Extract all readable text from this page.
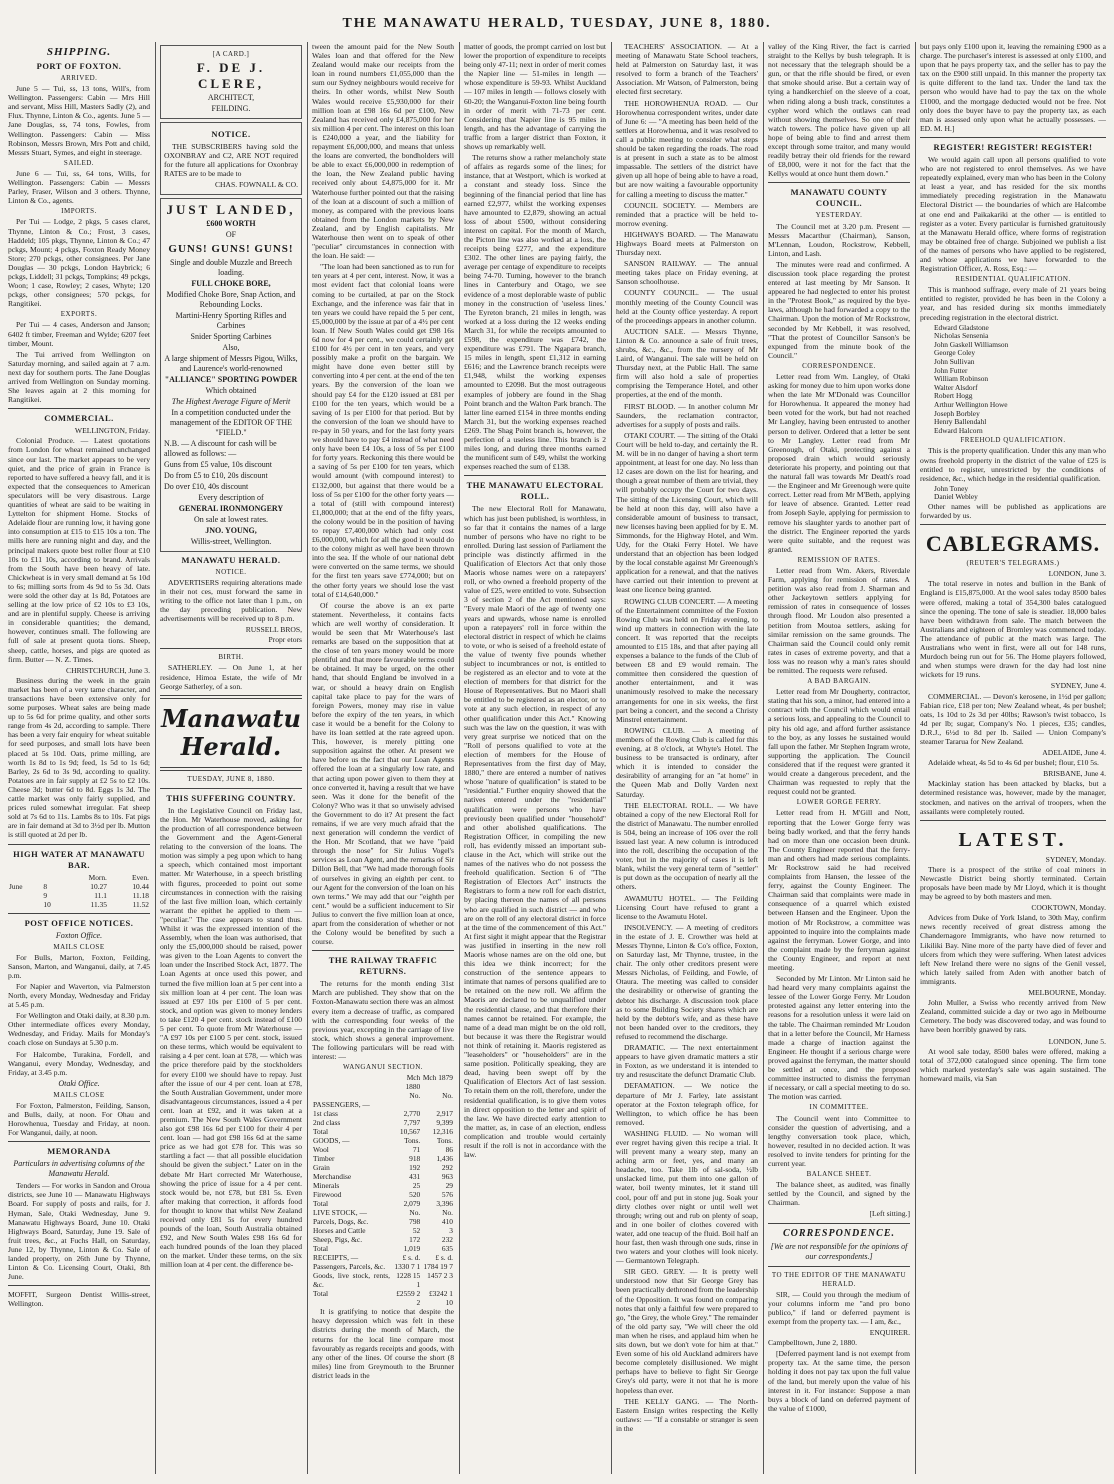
THE MANAWATU HERALD, TUESDAY, JUNE 8, 1880.
SHIPPING.
PORT OF FOXTON.
ARRIVED.

June 5 — Tui, ss, 13 tons, Will's, from Wellington. Passengers: Cabin — Mrs Hill and servant, Miss Hill, Masters Sadly (2), and Flux. Thynne, Linton & Co., agents. June 5 — Jane Douglas, ss, 74 tons, Fowles, from Wellington. Passengers: Cabin — Miss Robinson, Messrs Brown, Mrs Pott and child, Messrs Stuart, Symes, and eight in steerage.

SAILED.

June 6 — Tui, ss, 64 tons, Wills, for Wellington. Passengers: Cabin — Messrs Parley, Fraser, Wilson and 3 others. Thynne, Linton & Co., agents.

IMPORTS.

Per Tui — Lodge, 2 pkgs, 5 cases claret, Thynne, Linton & Co.; Frost, 3 cases, Haddeld; 105 pkgs, Thynne, Linton & Co.; 47 pckgs, Mount; 4 pckgs, Foxton Ready Money Store; 270 pckgs, other consignees. Per Jane Douglas — 30 pckgs, London Haybrick; 6 pckgs, Liddell; 31 pckgs, Tompkins; 49 pckgs, Woon; 1 case, Rowley; 2 cases, Whyte; 120 pckgs, other consignees; 570 pckgs, for Rangitikei.

EXPORTS.

Per Tui — 4 cases, Anderson and Janson; 6402 ft timber, Freeman and Wylde; 6207 feet timber, Mount.

The Tui arrived from Wellington on Saturday morning, and sailed again at 7 a.m. next day for southern ports. The Jane Douglas arrived from Wellington on Sunday morning. She leaves again at 2 this morning for Rangitikei.

COMMERCIAL.
WELLINGTON, Friday.

Colonial Produce. — Latest quotations from London for wheat remained unchanged since our last. The market appears to be very quiet, and the price of grain in France is reported to have suffered a heavy fall, and it is expected that the consequences to American speculators will be very disastrous. Large quantities of wheat are said to be waiting in Lyttelton for shipment Home. Stocks of Adelaide flour are running low, it having gone into consumption at £15 to £15 10s a ton. The mills here are running night and day, and the principal makers quote best roller flour at £10 10s to £11 10s, according to brand. Arrivals from the South have been heavy of late. Chickwheat is in very small demand at 5s 10d to 6s; milling sorts from 4s 9d to 5s 3d. Oats were sold the other day at 1s 8d, Potatoes are selling at the low price of £2 10s to £3 10s, and are in plentiful supply. Cheese is arriving in considerable quantities; the demand, however, continues small. The following are full of sale at present quota tions. Sheep, sheep, cattle, horses, and pigs are quoted as firm. Butter — N. Z. Times.

CHRISTCHURCH, June 3.

Business during the week in the grain market has been of a very tame character, and transactions have been extensive only for some purposes. Wheat sales are being made up to 5s 6d for prime quality, and other sorts range from 4s 2d, according to sample. There has been a very fair enquiry for wheat suitable for seed purposes, and small lots have been placed at 5s 10d. Oats, prime milling, are worth 1s 8d to 1s 9d; feed, 1s 5d to 1s 6d; Barley, 2s 6d to 3s 9d, according to quality. Potatoes are in fair supply at £2 5s to £2 10s. Cheese 3d; butter 6d to 8d. Eggs 1s 3d. The cattle market was only fairly supplied, and prices ruled somewhat irregular. Fat sheep sold at 7s 6d to 11s. Lambs 8s to 10s. Fat pigs are in fair demand at 3d to 3½d per lb. Mutton is still quoted at 2d per lb.

HIGH WATER AT MANAWATU BAR.
		Morn.	Even.
June	8	10.27	10.44
	9	11.1	11.18
	10	11.35	11.52
POST OFFICE NOTICES.
Foxton Office.
MAILS CLOSE

For Bulls, Marton, Foxton, Feilding, Sanson, Marton, and Wanganui, daily, at 7.45 p.m.

For Napier and Waverton, via Palmerston North, every Monday, Wednesday and Friday at 5.45 p.m.

For Wellington and Otaki daily, at 8.30 p.m. Other intermediate offices every Monday, Wednesday, and Friday. Mails for Monday's coach close on Sundays at 5.30 p.m.

For Halcombe, Turakina, Fordell, and Wanganui, every Monday, Wednesday, and Friday, at 3.45 p.m.

Otaki Office.
MAILS CLOSE

For Foxton, Palmerston, Feilding, Sanson, and Bulls, daily, at noon. For Ohau and Horowhenua, Tuesday and Friday, at noon. For Wanganui, daily, at noon.

MEMORANDA
Particulars in advertising columns of the Manawatu Herald.

Tenders — For works in Sandon and Oroua districts, see June 10 — Manawatu Highways Board. For supply of posts and rails, for J. Hyman, Sale, Otaki Wednesday, June 9. Manawatu Highways Board, June 10. Otaki Highways Board, Saturday, June 19. Sale of fruit trees, &c., at Fuchs Hall, on Saturday, June 12, by Thynne, Linton & Co. Sale of landed property, on 26th June by Thynne, Linton & Co. Licensing Court, Otaki, 8th June.

MOFFIT, Surgeon Dentist Willis-street, Wellington.

[A CARD.]
F. DE J. CLERE,
ARCHITECT,
FEILDING.
NOTICE.

THE SUBSCRIBERS having sold the OXONBRAY and C2, ARE NOT required for the future all applications for Oxonbray RATES are to be made to

CHAS. FOWNALL & CO.
JUST LANDED,
£600 WORTH
OF
GUNS! GUNS! GUNS!
Single and double Muzzle and Breech loading.
FULL CHOKE BORE,
Modified Choke Bore, Snap Action, and Rebounding Locks.
Martini-Henry Sporting Rifles and Carbines
Snider Sporting Carbines
Also,
A large shipment of Messrs Pigou, Wilks, and Laurence's world-renowned
"ALLIANCE" SPORTING POWDER
Which obtained
The Highest Average Figure of Merit
In a competition conducted under the management of the EDITOR OF THE "FIELD."
N.B. — A discount for cash will be allowed as follows: —
Guns from £5 value, 10s discount
Do from £5 to £10, 20s discount
Do over £10, 40s discount
Every description of
GENERAL IRONMONGERY
On sale at lowest rates.
JNO. YOUNG,
Willis-street, Wellington.
MANAWATU HERALD.
NOTICE.

ADVERTISERS requiring alterations made in their not ces, must forward the same in writing to the office not later than 1 p.m., on the day preceding publication. New advertisements will be received up to 8 p.m.

RUSSELL BROS,
Propr etors
BIRTH.

SATHERLEY. — On June 1, at her residence, Himoa Estate, the wife of Mr George Satherley, of a son.

Manawatu Herald.
TUESDAY, JUNE 8, 1880.
THIS SUFFERING COUNTRY.

In the Legislative Council on Friday last, the Hon. Mr Waterhouse moved, asking for the production of all correspondence between the Government and the Agent-General relating to the conversion of the loans. The motion was simply a peg upon which to hang a speech, which contained most important matter. Mr Waterhouse, in a speech bristling with figures, proceeded to point out some circumstances in connection with the raising of the last five million loan, which certainly warrant the epithet he applied to them — "peculiar." The case appears to stand thus. Whilst it was the expressed intention of the Assembly, when the loan was authorised, that only the £5,000,000 should be raised, power was given to the Loan Agents to convert the loan under the Inscribed Stock Act, 1877. The Loan Agents at once used this power, and turned the five million loan at 5 per cent into a six million loan at 4 per cent. The loan was issued at £97 10s per £100 of 5 per cent. stock, and option was given to money lenders to take £120 4 per cent. stock instead of £100 5 per cent. To quote from Mr Waterhouse — "A £97 10s per £100 5 per cent. stock, issued on these terms, which would be equivalent to raising a 4 per cent. loan at £78, — which was the price therefore paid by the stockholders for every £100 we should have to repay. Just after the issue of our 4 per cent. loan at £78, the South Australian Government, under more disadvantageous circumstances, issued a 4 per cent. loan at £92, and it was taken at a premium. The New South Wales Government also got £98 16s 6d per £100 for their 4 per cent. loan — had got £98 16s 6d at the same price as we had got £78 for. This was so startling a fact — that all possible elucidation should be given the subject." Later on in the debate Mr Hart corrected Mr Waterhouse, showing the price of issue for a 4 per cent. stock would be, not £78, but £81 5s. Even after making that correction, it affords food for thought to know that whilst New Zealand received only £81 5s for every hundred pounds of the loan, South Australia obtained £92, and New South Wales £98 16s 6d for each hundred pounds of the loan they placed on the market. Under these terms, on the six million loan at 4 per cent. the difference be-

tween the amount paid for the New South Wales loan and that offered for the New Zealand would make our receipts from the loan in round numbers £1,055,000 than the sum our Sydney neighbours would receive for theirs. In other words, whilst New South Wales would receive £5,930,000 for their million loan at £98 16s 6d per £100, New Zealand has received only £4,875,000 for her six million 4 per cent. The interest on this loan is £240,000 a year, and the liability for repayment £6,000,000, and means that unless the loans are converted, the bondholders will be able to exact £6,000,000 in redemption of the loan, the New Zealand public having received only about £4,875,000 for it. Mr Waterhouse further pointed out that the raising of the loan at a discount of such a million of money, as compared with the previous loans obtained from the London markets by New Zealand, and by English capitalists. Mr Waterhouse then went on to speak of other "peculiar" circumstances in connection with the loan. He said: —

"The loan had been sanctioned as to run for ten years at 4 per cent, interest. Now, it was a most evident fact that colonial loans were coming to be curtailed, at par on the Stock Exchange, and the inference was fair that in ten years we could have repaid the 5 per cent, £5,000,000 by the issue at par of a 4½ per cent loan. If New South Wales could get £98 16s 6d now for 4 per cent., we could certainly get £100 for 4½ per cent in ten years, and very possibly make a profit on the bargain. We might have done even better still by converting into 4 per cent. at the end of the ten years. By the conversion of the loan we should pay £4 for the £120 issued at £81 per £100 for the ten years, which would be a saving of 1s per £100 for that period. But by the conversion of the loan we should have to re-pay in 50 years, and for the last forty years we should have to pay £4 instead of what need only have been £4 10s, a loss of 5s per £100 for forty years. Reckoning this there would be a saving of 5s per £100 for ten years, which would amount (with compound interest) to £132,000, but against that there would be a loss of 5s per £100 for the other forty years — a total of (still with compound interest) £1,800,000; that at the end of the fifty years, the colony would be in the position of having to repay £7,400,000 which had only cost £6,000,000, which for all the good it would do to the colony might as well have been thrown into the sea. If the whole of our national debt were converted on the same terms, we should for the first ten years save £774,000; but on the other forty years we should lose the vast total of £14,640,000."

Of course the above is an ex parte statement. Nevertheless, it contains facts which are well worthy of consideration. It would be seen that Mr Waterhouse's last remarks are based on the supposition that at the close of ten years money would be more plentiful and that more favourable terms could be obtained. It may be urged, on the other hand, that should England be involved in a war, or should a heavy drain on English capital take place to pay for the wars of foreign Powers, money may rise in value before the expiry of the ten years, in which case it would be a benefit for the Colony to have its loan settled at the rate agreed upon. This, however, is merely pitting one supposition against the other. At present we have before us the fact that our Loan Agents offered the loan at a singularly low rate, and that acting upon power given to them they at once converted it, having a result that we have seen. Was it done for the benefit of the Colony? Who was it that so unwisely advised the Government to do it? At present the fact remains, if we are very much afraid that the next generation will condemn the verdict of the Hon. Mr Scotland, that we have "paid through the nose" for Sir Julius Vogel's services as Loan Agent, and the remarks of Sir Dillon Bell, that "We had made thorough fools of ourselves in giving an eighth per cent. to our Agent for the conversion of the loan on his own terms." We may add that our "eighth per cent." would be a sufficient inducement to Sir Julius to convert the five million loan at once, apart from the consideration of whether or not the Colony would be benefited by such a course.

THE RAILWAY TRAFFIC RETURNS.

The returns for the month ending 31st March are published. They show that on the Foxton-Manawatu section there was an almost every item a decrease of traffic, as compared with the corresponding four weeks of the previous year, excepting in the carriage of live stock, which shows a general improvement. The following particulars will be read with interest: —

WANGANUI SECTION.
	Mch 1880	Mch 1879
	No.	No.
PASSENGERS, —		
1st class	2,770	2,917
2nd class	7,797	9,399
Total	10,567	12,316
GOODS, —	Tons.	Tons.
Wool	71	86
Timber	918	1,436
Grain	192	292
Merchandise	431	963
Minerals	25	29
Firewood	520	576
Total	2,079	3,396
LIVE STOCK, —	No.	No.
Parcels, Dogs, &c.	798	410
Horses and Cattle	52	3
Sheep, Pigs, &c.	172	232
Total	1,019	635
RECEIPTS, —	£ s. d.	£ s. d.
Passengers, Parcels, &c.	1330 7 1	1784 19 7
Goods, live stock, rents, &c.	1228 15 1	1457 2 3
Total	£2559 2 2	£3242 1 10

It is gratifying to notice that despite the heavy depression which was felt in these districts during the month of March, the returns for the local line compare most favourably as regards receipts and goods, with any other of the lines. Of course the short (8 miles) line from Greymouth to the Brunner district leads in the

matter of goods, the prompt carried on lost but lower the proportion of expenditure to receipts being only 47-11; next in order of merit comes the Napier line — 51-miles in length — whose expenditure is 59-93. Whilst Auckland — 107 miles in length — follows closely with 60-20; the Wanganui-Foxton line being fourth in order of merit with 71-73 per cent. Considering that Napier line is 95 miles in length, and has the advantage of carrying the traffic from a larger district than Foxton, it shows up remarkably well.

The returns show a rather melancholy state of affairs as regards some of the lines; for instance, that at Westport, which is worked at a constant and steady loss. Since the beginning of the financial period that line has earned £2,977, whilst the working expenses have amounted to £2,879, showing an actual loss of about £500, without considering interest on capital. For the month of March, the Picton line was also worked at a loss, the receipts being £277, and the expenditure £302. The other lines are paying fairly, the average per centage of expenditure to receipts being 74-70. Turning, however to the branch lines in Canterbury and Otago, we see evidence of a most deplorable waste of public money in the construction of 'useless lines.' The Eyreton branch, 21 miles in length, was worked at a loss during the 12 weeks ending March 31, for while the receipts amounted to £598, the expenditure was £742, the expenditure was £791. The Ngapara branch, 15 miles in length, spent £1,312 in earning £616; and the Lawrence branch receipts were £1,948, whilst the working expenses amounted to £2098. But the most outrageous examples of jobbery are found in the Shag Point branch and the Walton Park branch. The latter line earned £154 in three months ending March 31, but the working expenses reached £269. The Shag Point branch is, however, the perfection of a useless line. This branch is 2 miles long, and during three months earned the munificent sum of £49, whilst the working expenses reached the sum of £138.

THE MANAWATU ELECTORAL ROLL.

The new Electoral Roll for Manawatu, which has just been published, is worthless, in so far that it contains the names of a large number of persons who have no right to be enrolled. During last session of Parliament the principle was distinctly affirmed in the Qualification of Electors Act that only those Maoris whose names were on a ratepayers' roll, or who owned a freehold property of the value of £25, were entitled to vote. Subsection 3 of section 2 of the Act mentioned says: "Every male Maori of the age of twenty one years and upwards, whose name is enrolled upon a ratepayers' roll in force within the electoral district in respect of which he claims to vote, or who is seised of a freehold estate of the value of twenty five pounds whether subject to incumbrances or not, is entitled to be registered as an elector and to vote at the election of members for that district for the House of Representatives. But no Maori shall be entitled to be registered as an elector, or to vote at any such election, in respect of any other qualification under this Act." Knowing such was the law on the question, it was with very great surprise we noticed that on the "Roll of persons qualified to vote at the election of members for the House of Representatives from the first day of May, 1880," there are entered a number of natives whose "nature of qualification" is stated to be "residential." Further enquiry showed that the natives entered under the "residential" qualification were persons who have previously been qualified under "household" and other abolished qualifications. The Registration Officer, in compiling the new roll, has evidently missed an important sub-clause in the Act, which will strike out the names of the natives who do not possess the freehold qualification. Section 6 of "The Registration of Electors Act" instructs the Registrars to form a new roll for each district, by placing thereon the names of all persons who are qualified in such district — and who are on the roll of any electoral district in force at the time of the commencement of this Act." At first sight it might appear that the Registrar was justified in inserting in the new roll Maoris whose names are on the old one, but this idea we think incorrect; for the construction of the sentence appears to intimate that names of persons qualified are to be retained on the new roll. We affirm the Maoris are declared to be unqualified under the residential clause, and that therefore their names cannot be retained. For example, the name of a dead man might be on the old roll, but because it was there the Registrar would not think of retaining it. Maoris registered as "leaseholders" or "householders" are in the same position. Politically speaking, they are dead, having been swept off by the Qualification of Electors Act of last session. To retain them on the roll, therefore, under the residential qualification, is to give them votes in direct opposition to the letter and spirit of the law. We have directed early attention to the matter, as, in case of an election, endless complication and trouble would certainly result if the roll is not in accordance with the law.

TEACHERS' ASSOCIATION. — At a meeting of Manawatu State School teachers, held at Palmerston on Saturday last, it was resolved to form a branch of the Teachers' Association. Mr Watson, of Palmerston, being elected first secretary.

THE HOROWHENUA ROAD. — Our Horowhenua correspondent writes, under date of June 6: — "A meeting has been held of the settlers at Horowhenua, and it was resolved to call a public meeting to consider what steps should be taken regarding the roads. The road is at present in such a state as to be almost impassable. The settlers of the district have given up all hope of being able to have a road, but are now waiting a favourable opportunity for calling a meeting to discuss the matter."

COUNCIL SOCIETY. — Members are reminded that a practice will be held to-morrow evening.

HIGHWAYS BOARD. — The Manawatu Highways Board meets at Palmerston on Thursday next.

SANSON RAILWAY. — The annual meeting takes place on Friday evening, at Sanson schoolhouse.

COUNTY COUNCIL. — The usual monthly meeting of the County Council was held at the County office yesterday. A report of the proceedings appears in another column.

AUCTION SALE. — Messrs Thynne, Linton & Co. announce a sale of fruit trees, shrubs, &c., &c., from the nursery of Mr Laird, of Wanganui. The sale will be held on Thursday next, at the Public Hall. The same firm will also hold a sale of properties comprising the Temperance Hotel, and other properties, at the end of the month.

FIRST BLOOD. — In another column Mr Saunders, the reclamation contractor, advertises for a supply of posts and rails.

OTAKI COURT. — The sitting of the Otaki Court will be held to-day, and certainly the R. M. will be in no danger of having a short term appointment, at least for one day. No less than 12 cases are down on the list for hearing, and though a great number of them are trivial, they will probably occupy the Court for two days. The sitting of the Licensing Court, which will be held at noon this day, will also have a considerable amount of business to transact, new licenses having been applied for by E. M. Simmonds, for the Highway Hotel, and Wm. Udy, for the Otaki Ferry Hotel. We have understand that an objection has been lodged by the local constable against Mr Greenough's application for a renewal, and that the natives have carried out their intention to prevent at least one licence being granted.

ROWING CLUB CONCERT. — A meeting of the Entertainment committee of the Foxton Rowing Club was held on Friday evening, to wind up matters in connection with the late concert. It was reported that the receipts amounted to £15 18s, and that after paying all expenses a balance to the funds of the Club of between £8 and £9 would remain. The committee then considered the question of another entertainment, and it was unanimously resolved to make the necessary arrangements for one in six weeks, the first part being a concert, and the second a Christy Minstrel entertainment.

ROWING CLUB. — A meeting of members of the Rowing Club is called for this evening, at 8 o'clock, at Whyte's Hotel. The business to be transacted is ordinary, after which it is intended to consider the desirability of arranging for an "at home" in the Queen Mab and Dolly Varden next Saturday.

THE ELECTORAL ROLL. — We have obtained a copy of the new Electoral Roll for the district of Manawatu. The number enrolled is 504, being an increase of 106 over the roll issued last year. A new column is introduced into the roll, describing the occupation of the voter, but in the majority of cases it is left blank, whilst the very general term of "settler" is put down as the occupation of nearly all the others.

AWAMUTU HOTEL. — The Feilding Licensing Court have refused to grant a license to the Awamutu Hotel.

INSOLVENCY. — A meeting of creditors in the estate of J. E. Crowther was held at Messrs Thynne, Linton & Co's office, Foxton, on Saturday last, Mr Thynne, trustee, in the chair. The only other creditors present were Messrs Nicholas, of Feilding, and Fowle, of Otaura. The meeting was called to consider the desirability or otherwise of granting the debtor his discharge. A discussion took place as to some Building Society shares which are held by the debtor's wife, and as these have not been handed over to the creditors, they refused to recommend the discharge.

DRAMATIC. — The next entertainment appears to have given dramatic matters a stir in Foxton, as we understand it is intended to try and resuscitate the defunct Dramatic Club.

DEFAMATION. — We notice the departure of Mr J. Farley, late assistant operator at the Foxton telegraph office, for Wellington, to which office he has been removed.

WASHING FLUID. — No woman will ever regret having given this recipe a trial. It will prevent many a weary step, many an aching arm or feet, yes, and many an headache, too. Take 1lb of sal-soda, ½lb unslacked lime, put them into one gallon of water, boil twenty minutes, let it stand till cool, pour off and put in stone jug. Soak your dirty clothes over night or until well wet through; wring out and rub on plenty of soap, and in one boiler of clothes covered with water, add one teacup of the fluid. Boil half an hour fast, then wash through one suds, rinse in two waters and your clothes will look nicely. — Germantown Telegraph.

SIR GEO. GREY. — It is pretty well understood now that Sir George Grey has been practically dethroned from the leadership of the Opposition. It was found on comparing notes that only a faithful few were prepared to go, "the Grey, the whole Grey." The remainder of the old party say, "We will cheer the old man when he rises, and applaud him when he sits down, but we don't vote for him at that." Even some of his old Auckland admirers have become completely disillusioned. We might perhaps have to believe to fight Sir George Grey's old party, were it not that he is more hopeless than ever.

THE KELLY GANG. — The North-Eastern Ensign writes respecting the Kelly outlaws: — "If a constable or stranger is seen in the

valley of the King River, the fact is carried straight to the Kellys by bush telegraph. It is not necessary that the telegraph should be a gun, or that the rifle should be fired, or even that smoke should arise. But a certain way of tying a handkerchief on the sleeve of a coat, when riding along a bush track, constitutes a cypher word which the outlaws can read without showing themselves. So one of their watch towers. The police have given up all hope of being able to find and arrest them except through some traitor, and many would readily betray their old friends for the reward of £8,000, were it not for the fact that the Kellys would at once hunt them down."

MANAWATU COUNTY COUNCIL.
YESTERDAY.

The Council met at 3.20 p.m. Present — Messrs Macarthur (Chairman), Sanson, M'Lennan, Loudon, Rockstrow, Kebbell, Linton, and Lash.

The minutes were read and confirmed. A discussion took place regarding the protest entered at last meeting by Mr Sanson. It appeared he had neglected to enter his protest in the "Protest Book," as required by the bye-laws, although he had forwarded a copy to the Chairman. Upon the motion of Mr Rockstrow, seconded by Mr Kebbell, it was resolved, "That the protest of Councillor Sanson's be expunged from the minute book of the Council."

CORRESPONDENCE.

Letter read from Wm. Langley, of Otaki asking for money due to him upon works done when the late Mr M'Donald was Councillor for Horowhenua. It appeared the money had been voted for the work, but had not reached Mr Langley, having been entrusted to another person to deliver. Ordered that a letter be sent to Mr Langley. Letter read from Mr Greenough, of Otaki, protecting against a proposed drain which would seriously deteriorate his property, and pointing out that the natural fall was towards Mr Death's road — the Engineer and Mr Greenough were quite correct. Letter read from Mr M'Beth, applying for leave of absence. Granted. Letter read from Joseph Sayle, applying for permission to remove his slaughter yards to another part of the district. The Engineer reported the yards were quite suitable, and the request was granted.

REMISSION OF RATES.

Letter read from Wm. Akers, Riverdale Farm, applying for remission of rates. A petition was also read from J. Sharman and other Jackeytown settlers applying for remission of rates in consequence of losses through flood. Mr Loudon also presented a petition from Moutoa settlers, asking for similar remission on the same grounds. The Chairman said the Council could only remit rates in cases of extreme poverty, and that a loss was no reason why a man's rates should be remitted. The requests were refused.

A BAD BARGAIN.

Letter read from Mr Dougherty, contractor, stating that his son, a minor, had entered into a contract with the Council which would entail a serious loss, and appealing to the Council to pity his old age, and afford further assistance to the boy, as any losses he sustained would fall upon the father. Mr Stephen Ingram wrote, supporting the application. The Council considered that if the request were granted it would create a dangerous precedent, and the Chairman was requested to reply that the request could not be granted.

LOWER GORGE FERRY.

Letter read from H. M'Gill and Nott, reporting that the Lower Gorge ferry was being badly worked, and that the ferry hands had on more than one occasion been drunk. The County Engineer reported that the ferry-man and others had made serious complaints. Mr Rockstrow said he had received complaints from Hansen, the lessee of the ferry, against the County Engineer. The Chairman said that complaints were made in consequence of a quarrel which existed between Hansen and the Engineer. Upon the motion of Mr Rockstrow, a committee was appointed to inquire into the complaints made against the ferryman. Lower Gorge, and into the complaint made by the ferryman against the County Engineer, and report at next meeting.

Seconded by Mr Linton. Mr Linton said he had heard very many complaints against the lessee of the Lower Gorge Ferry. Mr Loudon protested against any letter entering into the reasons for a resolution unless it were laid on the table. The Chairman reminded Mr Loudon that in a letter before the Council, Mr Harness made a charge of inaction against the Engineer. He thought if a serious charge were proved against the ferryman, the matter should be settled at once, and the proposed committee instructed to dismiss the ferryman if necessary, or call a special meeting to do so. The motion was carried.

IN COMMITTEE.

The Council went into Committee to consider the question of advertising, and a lengthy conversation took place, which, however, resulted in no decided action. It was resolved to invite tenders for printing for the current year.

BALANCE SHEET.

The balance sheet, as audited, was finally settled by the Council, and signed by the Chairman.

[Left sitting.]
CORRESPONDENCE.
[We are not responsible for the opinions of our correspondents.]
TO THE EDITOR OF THE MANAWATU HERALD.

SIR, — Could you through the medium of your columns inform me "and pro bono publico," if land or deferred payment is exempt from the property tax. — I am, &c.,

ENQUIRER.

Campbelltown, June 2, 1880.

[Deferred payment land is not exempt from property tax. At the same time, the person holding it does not pay tax upon the full value of the land, but merely upon the value of his interest in it. For instance: Suppose a man buys a block of land on deferred payment of the value of £1000,

but pays only £100 upon it, leaving the remaining £900 as a charge. The purchaser's interest is assessed at only £100, and upon that he pays property tax, and the seller has to pay the tax on the £900 still unpaid. In this manner the property tax is quite different to the land tax. Under the land tax the person who would have had to pay the tax on the whole £1000, and the mortgage deducted would not be free. Not only does the buyer have to pay the property tax, as each man is assessed only upon what he actually possesses. — ED. M. H.]

REGISTER! REGISTER! REGISTER!

We would again call upon all persons qualified to vote who are not registered to enrol themselves. As we have repeatedly explained, every man who has been in the Colony at least a year, and has resided for the six months immediately preceding registration in the Manawatu Electoral District — the boundaries of which are Halcombe at one end and Paikakariki at the other — is entitled to register as a voter. Every particular is furnished gratuitously at the Manawatu Herald office, where forms of registration may be obtained free of charge. Subjoined we publish a list of the names of persons who have applied to be registered, and whose applications we have forwarded to the Registration Officer, A. Ross, Esq.: —

RESIDENTIAL QUALIFICATION.

This is manhood suffrage, every male of 21 years being entitled to register, provided he has been in the Colony a year, and has resided during six months immediately preceding registration in the electoral district.

Edward Gladstone
Nicholas Sensenia
John Gaskell Williamson
George Coley
John Sullivan
John Futter
William Robinson
Walter Alsdorf
Robert Hogg
Arthur Wellington Howe
Joseph Borbley
Henry Ballendahl
Edward Halcorn
FREEHOLD QUALIFICATION.

This is the property qualification. Under this any man who owns freehold property in the district of the value of £25 is entitled to register, unrestricted by the conditions of residence, &c., which hedge in the residential qualification.

John Toney
Daniel Webley

Other names will be published as applications are forwarded by us.

CABLEGRAMS.
(REUTER'S TELEGRAMS.)
LONDON, June 3.

The total reserve in notes and bullion in the Bank of England is £15,875,000. At the wool sales today 8500 bales were offered, making a total of 354,300 bales catalogued since the opening. The tone of sale is steadier. 18,000 bales have been withdrawn from sale. The match between the Australians and eighteen of Bromley was commenced today. The attendance of public at the match was large. The Australians who went in first, were all out for 148 runs, Murdoch being run out for 56. The Home players followed, and when stumps were drawn for the day had lost nine wickets for 19 runs.

SYDNEY, June 4.

COMMERCIAL. — Devon's kerosene, in 1½d per gallon; Fabian rice, £18 per ton; New Zealand wheat, 4s per bushel; oats, 1s 10d to 2s 3d per 40lbs; Rawson's twist tobacco, 1s 4d per lb; sugar, Company's No. 1 pieces, £35; candles, D.R.J., 6½d to 8d per lb. Sailed — Union Company's steamer Tararua for New Zealand.

ADELAIDE, June 4.

Adelaide wheat, 4s 5d to 4s 6d per bushel; flour, £10 5s.

BRISBANE, June 4.

Mackinlay station has been attacked by blacks, but a determined resistance was, however, made by the manager, stockmen, and natives on the arrival of troopers, when the assailants were completely routed.

LATEST.
SYDNEY, Monday.

There is a prospect of the strike of coal miners in Newcastle District being shortly terminated. Certain proposals have been made by Mr Lloyd, which it is thought may be agreed to by both masters and men.

COOKTOWN, Monday.

Advices from Duke of York Island, to 30th May, confirm news recently received of great distress among the Chandernagore Immigrants, who have now returned to Likiliki Bay. Nine more of the party have died of fever and ulcers from which they were suffering. When latest advices left New Ireland there were no signs of the Genil vessel, which lately sailed from Aden with another batch of immigrants.

MELBOURNE, Monday.

John Muller, a Swiss who recently arrived from New Zealand, committed suicide a day or two ago in Melbourne Cemetery. The body was discovered today, and was found to have been horribly gnawed by rats.

LONDON, June 5.

At wool sale today, 8500 bales were offered, making a total of 372,000 catalogued since opening. The firm tone which marked yesterday's sale was again sustained. The homeward mails, via San
